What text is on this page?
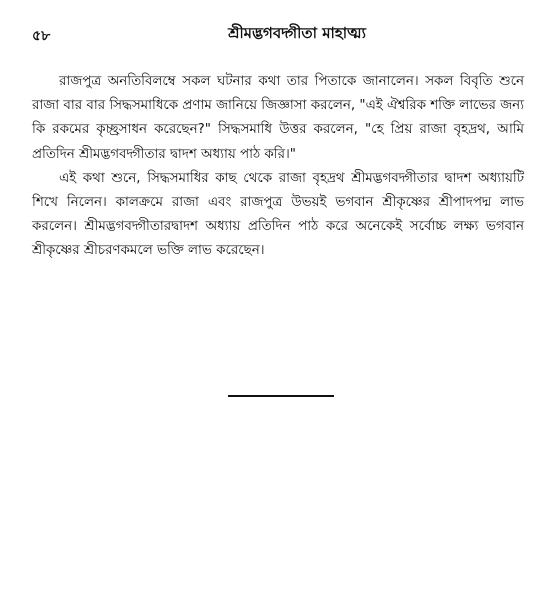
৫৮	শ্রীমদ্ভগবদ্গীতা মাহাত্ম্য

রাজপুত্র অনতিবিলম্বে সকল ঘটনার কথা তার পিতাকে জানালেন। সকল বিবৃতি শুনে রাজা বার বার সিদ্ধসমাধিকে প্রণাম জানিয়ে জিজ্ঞাসা করলেন, "এই ঐশ্বরিক শক্তি লাভের জন্য কি রকমের কৃচ্ছ্রসাধন করেছেন?" সিদ্ধসমাধি উত্তর করলেন, "হে প্রিয় রাজা বৃহদ্রথ, আমি প্রতিদিন শ্রীমদ্ভগবদ্গীতার দ্বাদশ অধ্যায় পাঠ করি।"

এই কথা শুনে, সিদ্ধসমাধির কাছ থেকে রাজা বৃহদ্রথ শ্রীমদ্ভগবদ্গীতার দ্বাদশ অধ্যায়টি শিখে নিলেন। কালক্রমে রাজা এবং রাজপুত্র উভয়ই ভগবান শ্রীকৃষ্ণের শ্রীপাদপদ্ম লাভ করলেন। শ্রীমদ্ভগবদ্গীতারদ্বাদশ অধ্যায় প্রতিদিন পাঠ করে অনেকেই সর্বোচ্চ লক্ষ্য ভগবান শ্রীকৃষ্ণের শ্রীচরণকমলে ভক্তি লাভ করেছেন।
